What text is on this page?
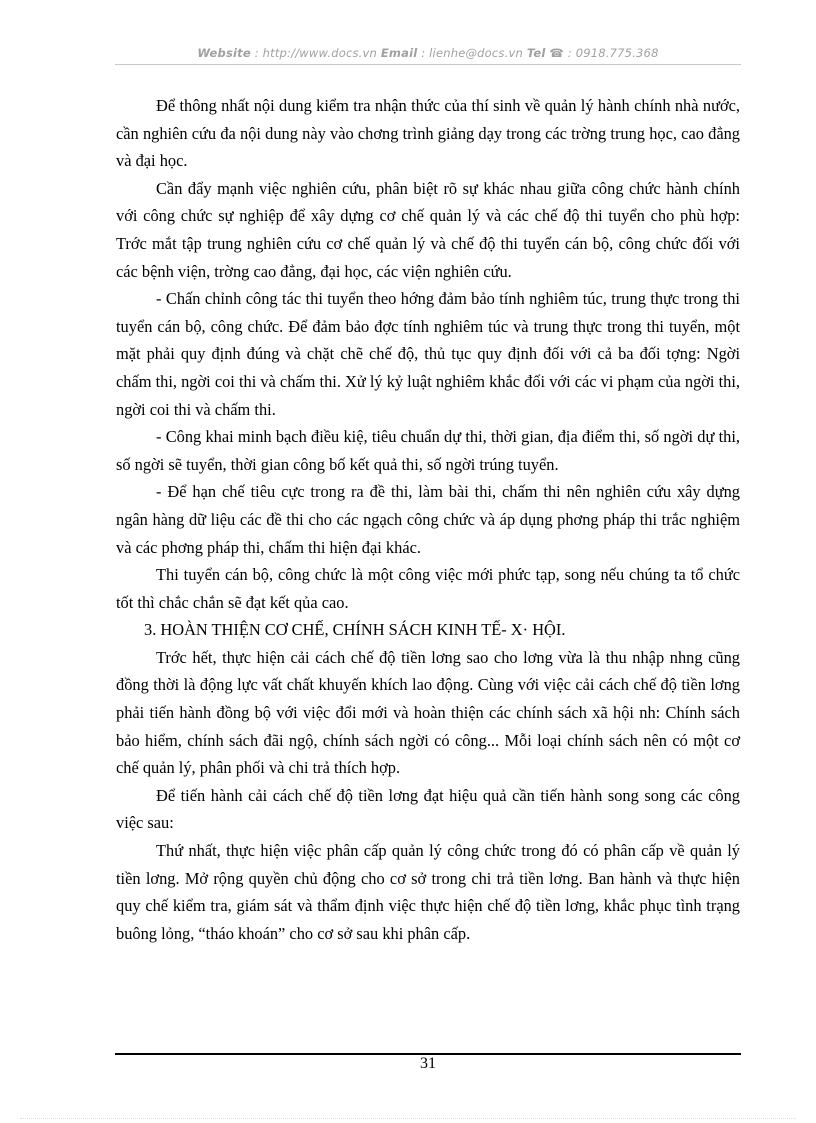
Website : http://www.docs.vn Email : lienhe@docs.vn Tel ☎ : 0918.775.368

Để thông nhất nội dung kiểm tra nhận thức của thí sinh về quản lý hành chính nhà nước, cần nghiên cứu đa nội dung này vào chơng trình giảng dạy trong các trờng trung học, cao đẳng và đại học.

Cần đẩy mạnh việc nghiên cứu, phân biệt rõ sự khác nhau giữa công chức hành chính với công chức sự nghiệp để xây dựng cơ chế quản lý và các chế độ thi tuyển cho phù hợp: Trớc mắt tập trung nghiên cứu cơ chế quản lý và chế độ thi tuyển cán bộ, công chức đối với các bệnh viện, trờng cao đẳng, đại học, các viện nghiên cứu.

- Chấn chỉnh công tác thi tuyển theo hớng đảm bảo tính nghiêm túc, trung thực trong thi tuyển cán bộ, công chức. Để đảm bảo đợc tính nghiêm túc và trung thực trong thi tuyển, một mặt phải quy định đúng và chặt chẽ chế độ, thủ tục quy định đối với cả ba đối tợng: Ngời chấm thi, ngời coi thi và chấm thi. Xử lý kỷ luật nghiêm khắc đối với các vi phạm của ngời thi, ngời coi thi và chấm thi.

- Công khai minh bạch điều kiệ, tiêu chuẩn dự thi, thời gian, địa điểm thi, số ngời dự thi, số ngời sẽ tuyển, thời gian công bố kết quả thi, số ngời trúng tuyển.

- Để hạn chế tiêu cực trong ra đề thi, làm bài thi, chấm thi nên nghiên cứu xây dựng ngân hàng dữ liệu các đề thi cho các ngạch công chức và áp dụng phơng pháp thi trắc nghiệm và các phơng pháp thi, chấm thi hiện đại khác.

Thi tuyển cán bộ, công chức là một công việc mới phức tạp, song nếu chúng ta tổ chức tốt thì chắc chắn sẽ đạt kết qủa cao.

3. HOÀN THIỆN CƠ CHẾ, CHÍNH SÁCH KINH TẾ- X· HỘI.

Trớc hết, thực hiện cải cách chế độ tiền lơng sao cho lơng vừa là thu nhập nhng cũng đồng thời là động lực vất chất khuyến khích lao động. Cùng với việc cải cách chế độ tiền lơng phải tiến hành đồng bộ với việc đổi mới và hoàn thiện các chính sách xã hội nh: Chính sách bảo hiểm, chính sách đãi ngộ, chính sách ngời có công... Mỗi loại chính sách nên có một cơ chế quản lý, phân phối và chi trả thích hợp.

Để tiến hành cải cách chế độ tiền lơng đạt hiệu quả cần tiến hành song song các công việc sau:

Thứ nhất, thực hiện việc phân cấp quản lý công chức trong đó có phân cấp về quản lý tiền lơng. Mở rộng quyền chủ động cho cơ sở trong chi trả tiền lơng. Ban hành và thực hiện quy chế kiểm tra, giám sát và thẩm định việc thực hiện chế độ tiền lơng, khắc phục tình trạng buông lỏng, “tháo khoán” cho cơ sở sau khi phân cấp.

31
